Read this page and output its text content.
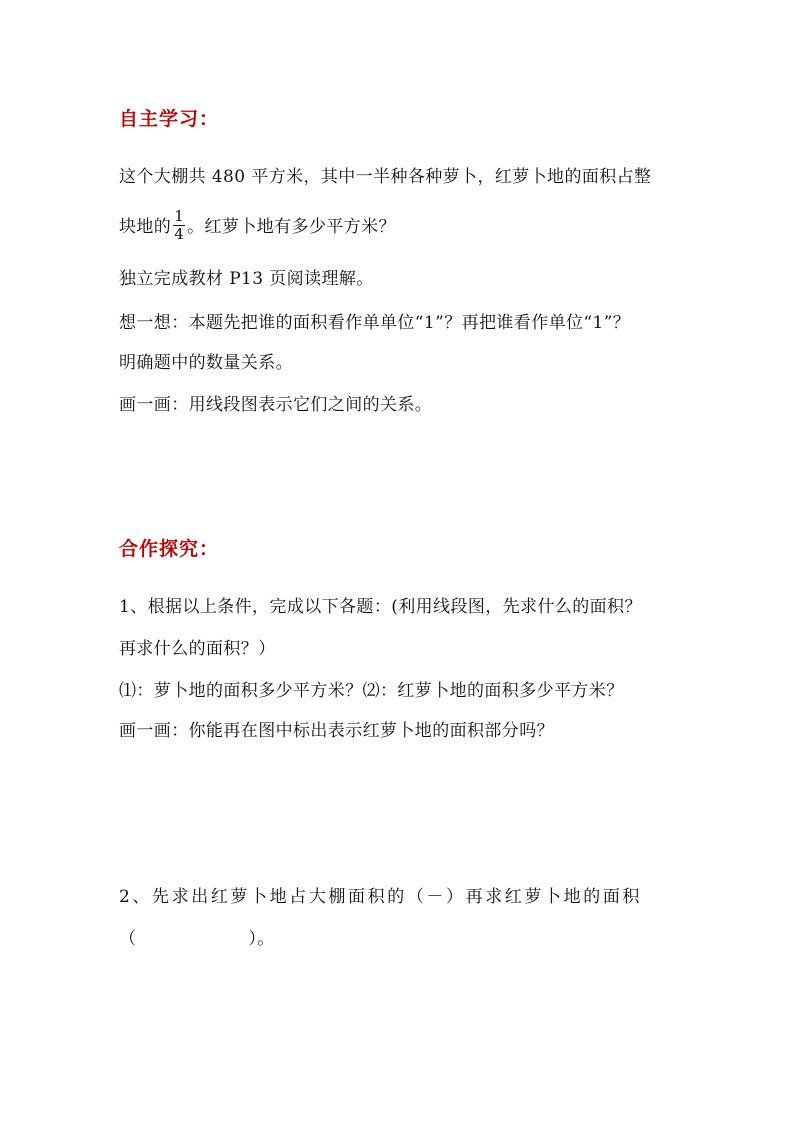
自主学习：
这个大棚共 480 平方米，其中一半种各种萝卜，红萝卜地的面积占整
块地的 $\frac{1}{4}$ 。红萝卜地有多少平方米？
独立完成教材 P13 页阅读理解。
想一想：本题先把谁的面积看作单单位“1”？再把谁看作单位“1”？
明确题中的数量关系。
画一画：用线段图表示它们之间的关系。
合作探究：
1、根据以上条件，完成以下各题：(利用线段图，先求什么的面积？
再求什么的面积？）
⑴：萝卜地的面积多少平方米？⑵：红萝卜地的面积多少平方米？
画一画：你能再在图中标出表示红萝卜地的面积部分吗？
2、先求出红萝卜地占大棚面积的（－）再求红萝卜地的面积
（	）。
